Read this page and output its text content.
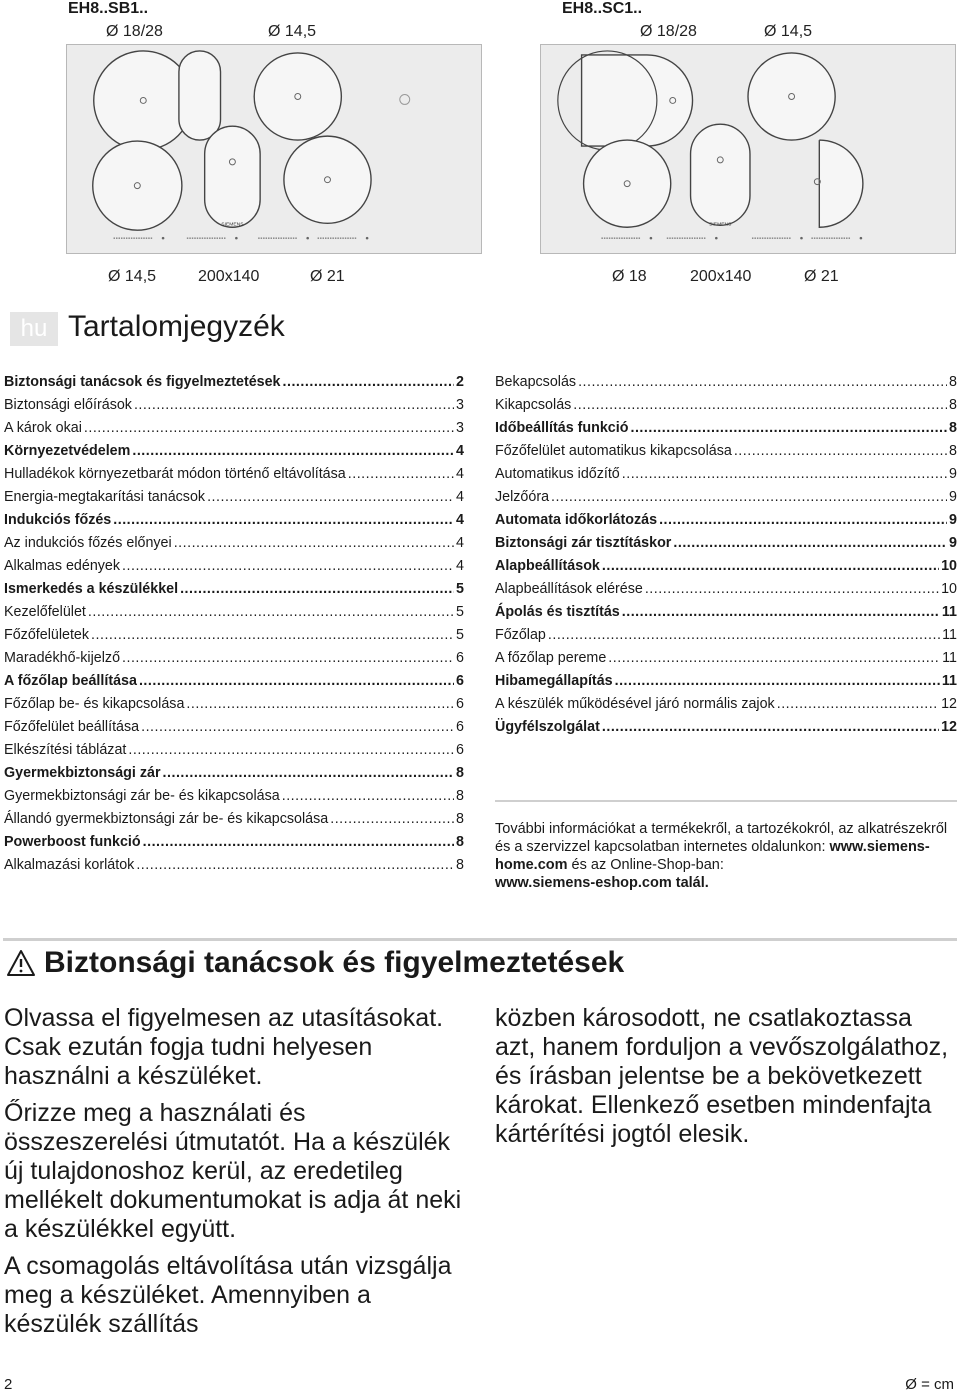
EH8..SB1..	EH8..SC1..
Ø 18/28	Ø 14,5	Ø 18/28	Ø 14,5
SIEMENS	SIEMENS
Ø 14,5	200x140	Ø 21	Ø 18	200x140	Ø 21
hu Tartalomjegyzék
Biztonsági tanácsok és figyelmeztetések .....	2
Biztonsági előírások .....	3
A károk okai .....	3
Környezetvédelem .....	4
Hulladékok környezetbarát módon történő eltávolítása .....	4
Energia-megtakarítási tanácsok .....	4
Indukciós főzés .....	4
Az indukciós főzés előnyei .....	4
Alkalmas edények .....	4
Ismerkedés a készülékkel .....	5
Kezelőfelület .....	5
Főzőfelületek .....	5
Maradékhő-kijelző .....	6
A főzőlap beállítása .....	6
Főzőlap be- és kikapcsolása .....	6
Főzőfelület beállítása .....	6
Elkészítési táblázat .....	6
Gyermekbiztonsági zár .....	8
Gyermekbiztonsági zár be- és kikapcsolása .....	8
Állandó gyermekbiztonsági zár be- és kikapcsolása .....	8
Powerboost funkció .....	8
Alkalmazási korlátok .....	8
Bekapcsolás .....	8
Kikapcsolás .....	8
Időbeállítás funkció .....	8
Főzőfelület automatikus kikapcsolása .....	8
Automatikus időzítő .....	9
Jelzőóra .....	9
Automata időkorlátozás .....	9
Biztonsági zár tisztításkor .....	9
Alapbeállítások .....	10
Alapbeállítások elérése .....	10
Ápolás és tisztítás .....	11
Főzőlap .....	11
A főzőlap pereme .....	11
Hibamegállapítás .....	11
A készülék működésével járó normális zajok .....	12
Ügyfélszolgálat .....	12
További információkat a termékekről, a tartozékokról, az alkatrészekről és a szervizzel kapcsolatban internetes oldalunkon: www.siemens-home.com és az Online-Shop-ban:
www.siemens-eshop.com talál.
Biztonsági tanácsok és figyelmeztetések

Olvassa el figyelmesen az utasításokat. Csak ezután fogja tudni helyesen használni a készüléket.

Őrizze meg a használati és összeszerelési útmutatót. Ha a készülék új tulajdonoshoz kerül, az eredetileg mellékelt dokumentumokat is adja át neki a készülékkel együtt.

A csomagolás eltávolítása után vizsgálja meg a készüléket. Amennyiben a készülék szállítás

közben károsodott, ne csatlakoztassa azt, hanem forduljon a vevőszolgálathoz, és írásban jelentse be a bekövetkezett károkat. Ellenkező esetben mindenfajta kártérítési jogtól elesik.

2	Ø = cm
